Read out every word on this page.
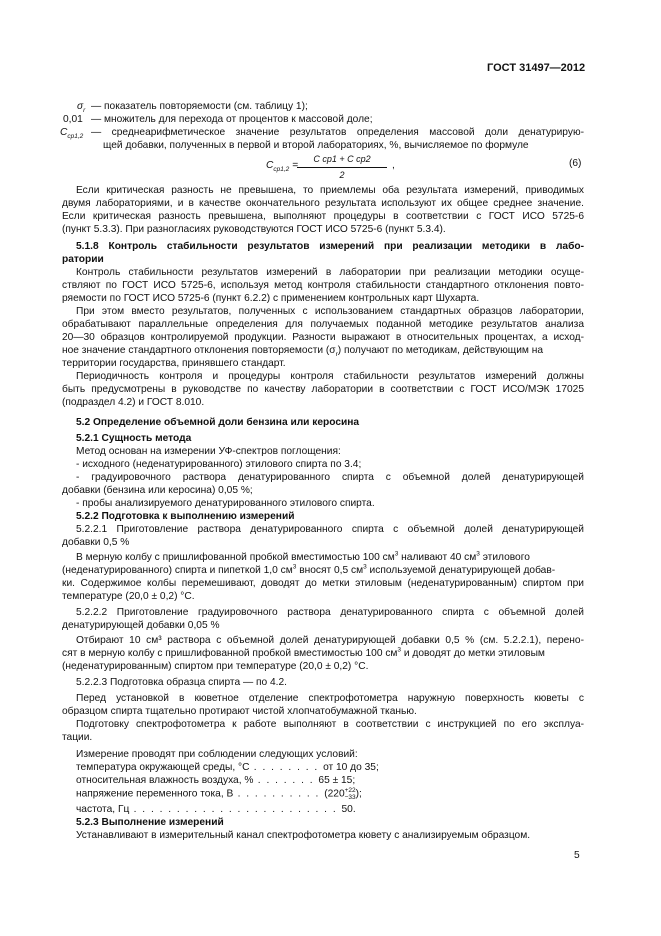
ГОСТ 31497—2012
$\sigma_r$ — показатель повторяемости (см. таблицу 1);
0,01 — множитель для перехода от процентов к массовой доле;
$C_{ср1,2}$ — среднеарифметическое значение результатов определения массовой доли денатурирую-
щей добавки, полученных в первой и второй лабораториях, %, вычисляемое по формуле
$C_{ср1,2}$ =
C ср1 + C ср2
2
,	(6)
Если критическая разность не превышена, то приемлемы оба результата измерений, приводимых
двумя лабораториями, и в качестве окончательного результата используют их общее среднее значение.
Если критическая разность превышена, выполняют процедуры в соответствии с ГОСТ ИСО 5725-6
(пункт 5.3.3). При разногласиях руководствуются ГОСТ ИСО 5725-6 (пункт 5.3.4).
5.1.8 Контроль стабильности результатов измерений при реализации методики в лабо-
ратории
Контроль стабильности результатов измерений в лаборатории при реализации методики осуще-
ствляют по ГОСТ ИСО 5725-6, используя метод контроля стабильности стандартного отклонения повто-
ряемости по ГОСТ ИСО 5725-6 (пункт 6.2.2) с применением контрольных карт Шухарта.
При этом вместо результатов, полученных с использованием стандартных образцов лаборатории,
обрабатывают параллельные определения для получаемых поданной методике результатов анализа
20—30 образцов контролируемой продукции. Разности выражают в относительных процентах, а исход-
ное значение стандартного отклонения повторяемости $(\sigma_r)$ получают по методикам, действующим на
территории государства, принявшего стандарт.
Периодичность контроля и процедуры контроля стабильности результатов измерений должны
быть предусмотрены в руководстве по качеству лаборатории в соответствии с ГОСТ ИСО/МЭК 17025
(подраздел 4.2) и ГОСТ 8.010.
5.2 Определение объемной доли бензина или керосина
5.2.1 Сущность метода
Метод основан на измерении УФ-спектров поглощения:
- исходного (неденатурированного) этилового спирта по 3.4;
- градуировочного раствора денатурированного спирта с объемной долей денатурирующей
добавки (бензина или керосина) 0,05 %;
- пробы анализируемого денатурированного этилового спирта.
5.2.2 Подготовка к выполнению измерений
5.2.2.1 Приготовление раствора денатурированного спирта с объемной долей денатурирующей
добавки 0,5 %
В мерную колбу с пришлифованной пробкой вместимостью 100 $см^3$ наливают 40 $см^3$ этилового
(неденатурированного) спирта и пипеткой 1,0 $см^3$ вносят 0,5 $см^3$ используемой денатурирующей добав-
ки. Содержимое колбы перемешивают, доводят до метки этиловым (неденатурированным) спиртом при
температуре (20,0 ± 0,2) °С.
5.2.2.2 Приготовление градуировочного раствора денатурированного спирта с объемной долей
денатурирующей добавки 0,05 %
Отбирают 10 см³ раствора с объемной долей денатурирующей добавки 0,5 % (см. 5.2.2.1), перено-
сят в мерную колбу с пришлифованной пробкой вместимостью 100 $см^3$ и доводят до метки этиловым
(неденатурированным) спиртом при температуре (20,0 ± 0,2) °С.
5.2.2.3 Подготовка образца спирта — по 4.2.
Перед установкой в кюветное отделение спектрофотометра наружную поверхность кюветы с
образцом спирта тщательно протирают чистой хлопчатобумажной тканью.
Подготовку спектрофотометра к работе выполняют в соответствии с инструкцией по его эксплуа-
тации.
Измерение проводят при соблюдении следующих условий:
температура окружающей среды, °С . . . . . . . . от 10 до 35;
относительная влажность воздуха, % . . . . . . . 65 ± 15;
напряжение переменного тока, В . . . . . . . . . . (220 +22
−33 );
частота, Гц . . . . . . . . . . . . . . . . . . . . . . . . 50.
5.2.3 Выполнение измерений
Устанавливают в измерительный канал спектрофотометра кювету с анализируемым образцом.
5
